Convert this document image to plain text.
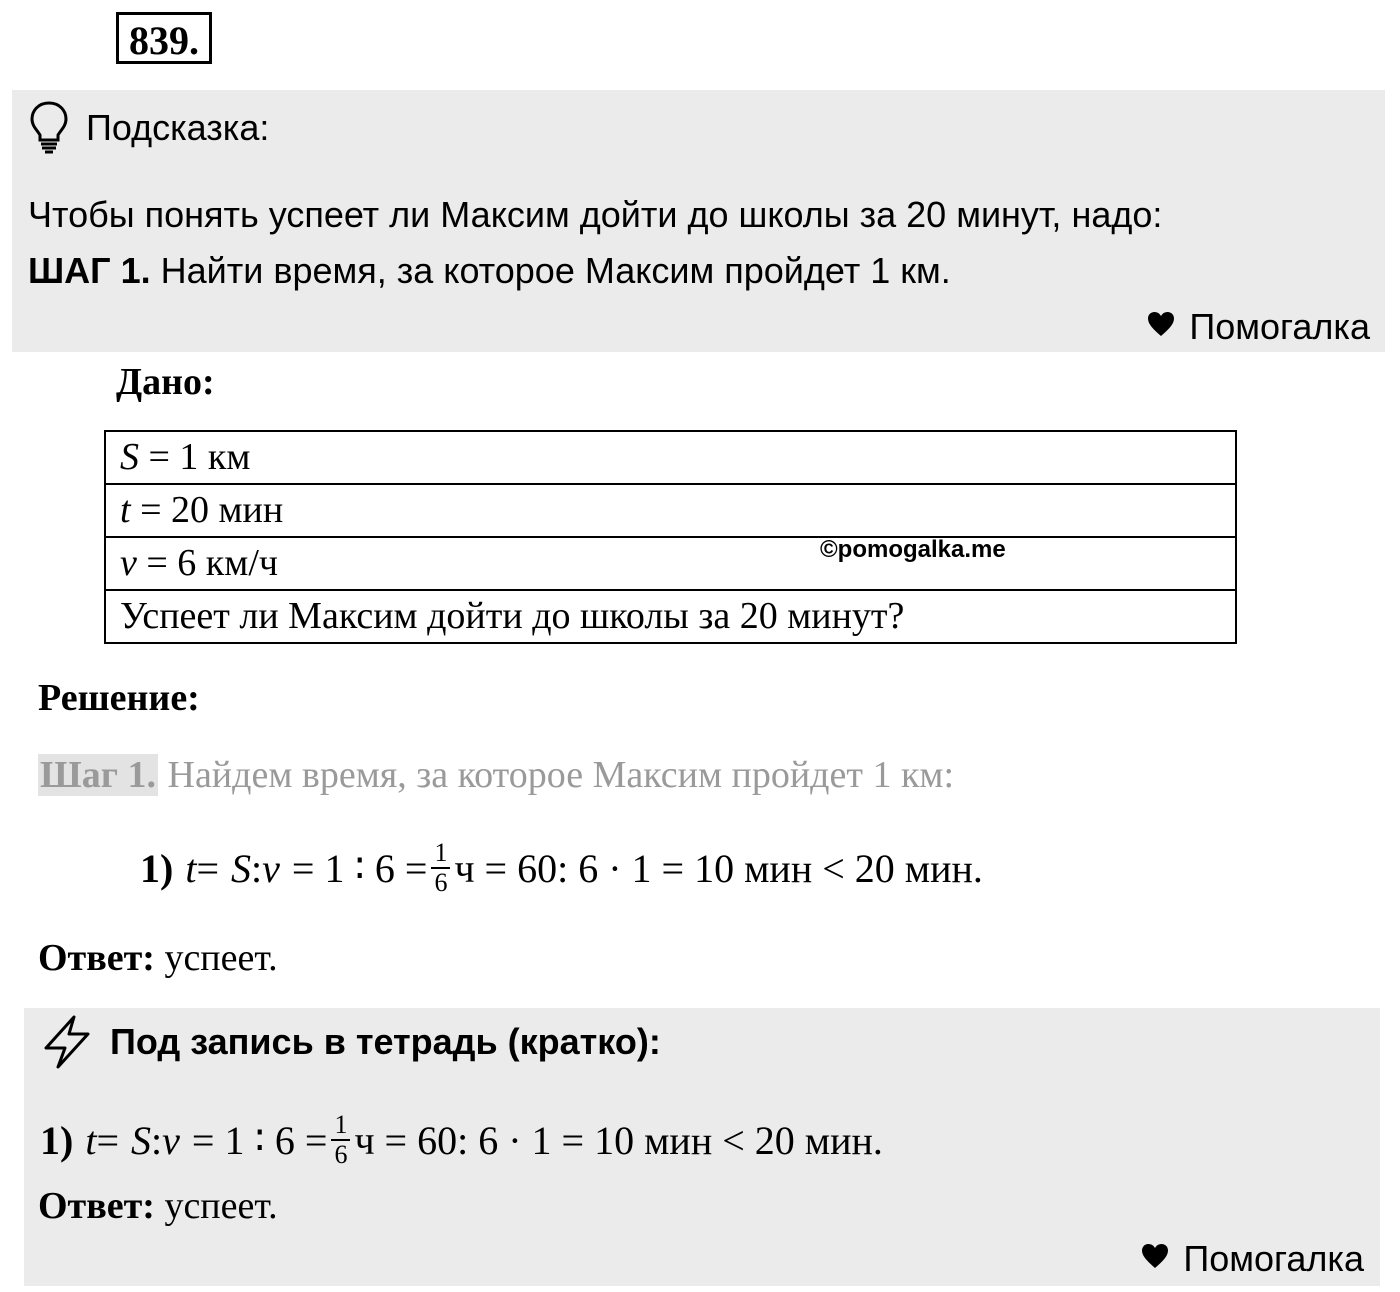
839.
Подсказка:
Чтобы понять успеет ли Максим дойти до школы за 20 минут, надо:
ШАГ 1. Найти время, за которое Максим пройдет 1 км.
Помогалка
Дано:
S = 1 км
t = 20 мин
v = 6 км/ч
Успеет ли Максим дойти до школы за 20 минут?
©pomogalka.me
Решение:
Шаг 1. Найдем время, за которое Максим пройдет 1 км:
1) t = S : v = 1 ∶ $6 = \frac{1}{6}$ ч = 60: 6 · 1 = 10 мин < 20 мин.
Ответ: успеет.
Под запись в тетрадь (кратко):
1) t = S : v = 1 ∶ $6 = \frac{1}{6}$ ч = 60: 6 · 1 = 10 мин < 20 мин.
Ответ: успеет.
Помогалка
